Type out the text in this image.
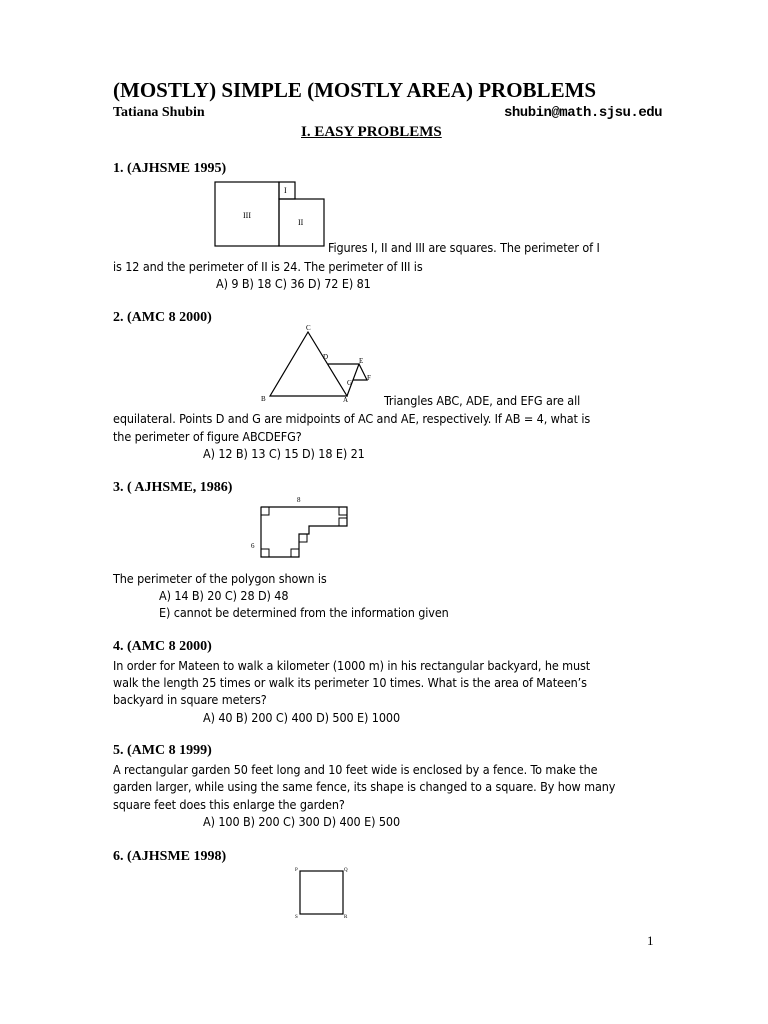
(MOSTLY) SIMPLE (MOSTLY AREA) PROBLEMS
Tatiana Shubin	shubin@math.sjsu.edu
I. EASY PROBLEMS
1. (AJHSME 1995)
I
II
III
Figures I, II and III are squares. The perimeter of I
is 12 and the perimeter of II is 24. The perimeter of III is
A) 9 B) 18 C) 36 D) 72 E) 81
2. (AMC 8 2000)
C
D	E
G
F
B	A	Triangles ABC, ADE, and EFG are all
equilateral. Points D and G are midpoints of AC and AE, respectively. If AB = 4, what is
the perimeter of figure ABCDEFG?
A) 12 B) 13 C) 15 D) 18 E) 21
3. ( AJHSME, 1986)
8
6
The perimeter of the polygon shown is
A) 14 B) 20 C) 28 D) 48
E) cannot be determined from the information given
4. (AMC 8 2000)
In order for Mateen to walk a kilometer (1000 m) in his rectangular backyard, he must
walk the length 25 times or walk its perimeter 10 times. What is the area of Mateen’s
backyard in square meters?
A) 40 B) 200 C) 400 D) 500 E) 1000
5. (AMC 8 1999)
A rectangular garden 50 feet long and 10 feet wide is enclosed by a fence. To make the
garden larger, while using the same fence, its shape is changed to a square. By how many
square feet does this enlarge the garden?
A) 100 B) 200 C) 300 D) 400 E) 500
6. (AJHSME 1998)
P	Q
S	R
1
